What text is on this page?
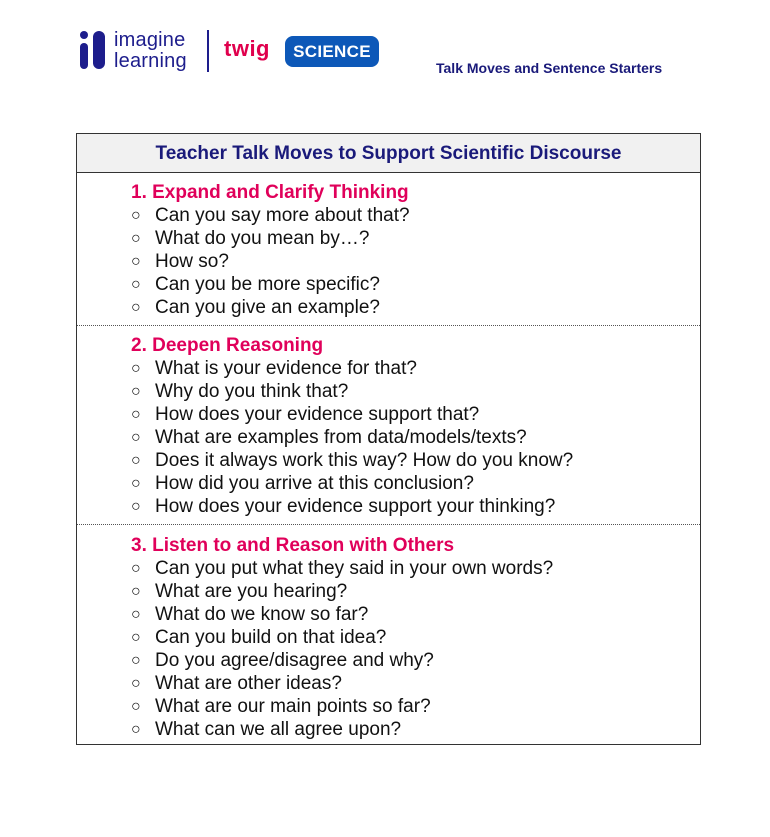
imagine
learning twig	SCIENCE
Talk Moves and Sentence Starters
Teacher Talk Moves to Support Scientific Discourse
1. Expand and Clarify Thinking
○ Can you say more about that?
○ What do you mean by…?
○ How so?
○ Can you be more specific?
○ Can you give an example?
2. Deepen Reasoning
○ What is your evidence for that?
○ Why do you think that?
○ How does your evidence support that?
○ What are examples from data/models/texts?
○ Does it always work this way? How do you know?
○ How did you arrive at this conclusion?
○ How does your evidence support your thinking?
3. Listen to and Reason with Others
○ Can you put what they said in your own words?
○ What are you hearing?
○ What do we know so far?
○ Can you build on that idea?
○ Do you agree/disagree and why?
○ What are other ideas?
○ What are our main points so far?
○ What can we all agree upon?
